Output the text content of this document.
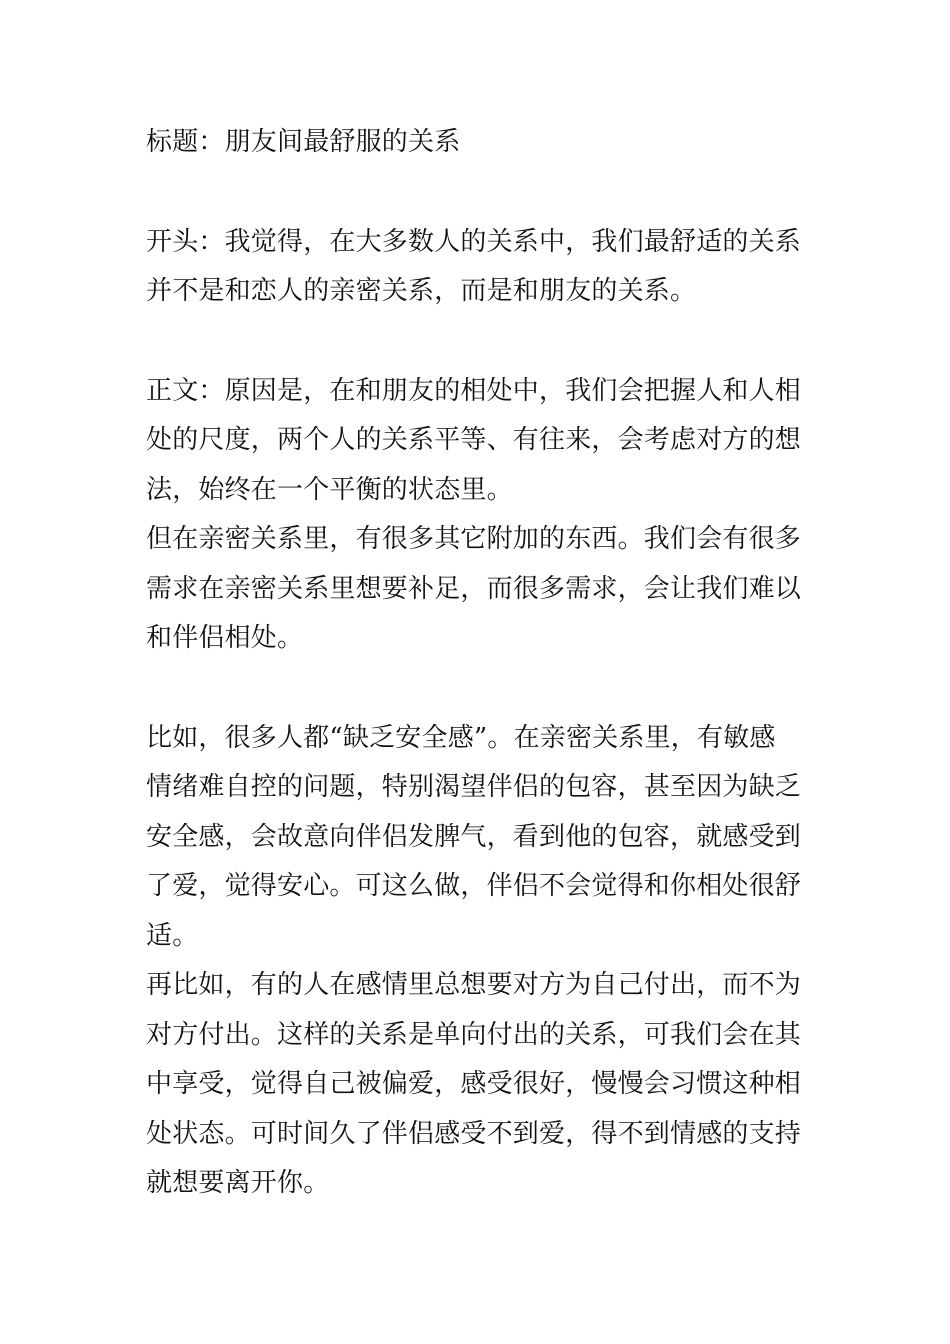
标题：朋友间最舒服的关系

开头：我觉得，在大多数人的关系中，我们最舒适的关系
并不是和恋人的亲密关系，而是和朋友的关系。

正文：原因是，在和朋友的相处中，我们会把握人和人相
处的尺度，两个人的关系平等、有往来，会考虑对方的想
法，始终在一个平衡的状态里。

但在亲密关系里，有很多其它附加的东西。我们会有很多
需求在亲密关系里想要补足，而很多需求，会让我们难以
和伴侣相处。

比如，很多人都“缺乏安全感”。在亲密关系里，有敏感
情绪难自控的问题，特别渴望伴侣的包容，甚至因为缺乏
安全感，会故意向伴侣发脾气，看到他的包容，就感受到
了爱，觉得安心。可这么做，伴侣不会觉得和你相处很舒
适。

再比如，有的人在感情里总想要对方为自己付出，而不为
对方付出。这样的关系是单向付出的关系，可我们会在其
中享受，觉得自己被偏爱，感受很好，慢慢会习惯这种相
处状态。可时间久了伴侣感受不到爱，得不到情感的支持
就想要离开你。
